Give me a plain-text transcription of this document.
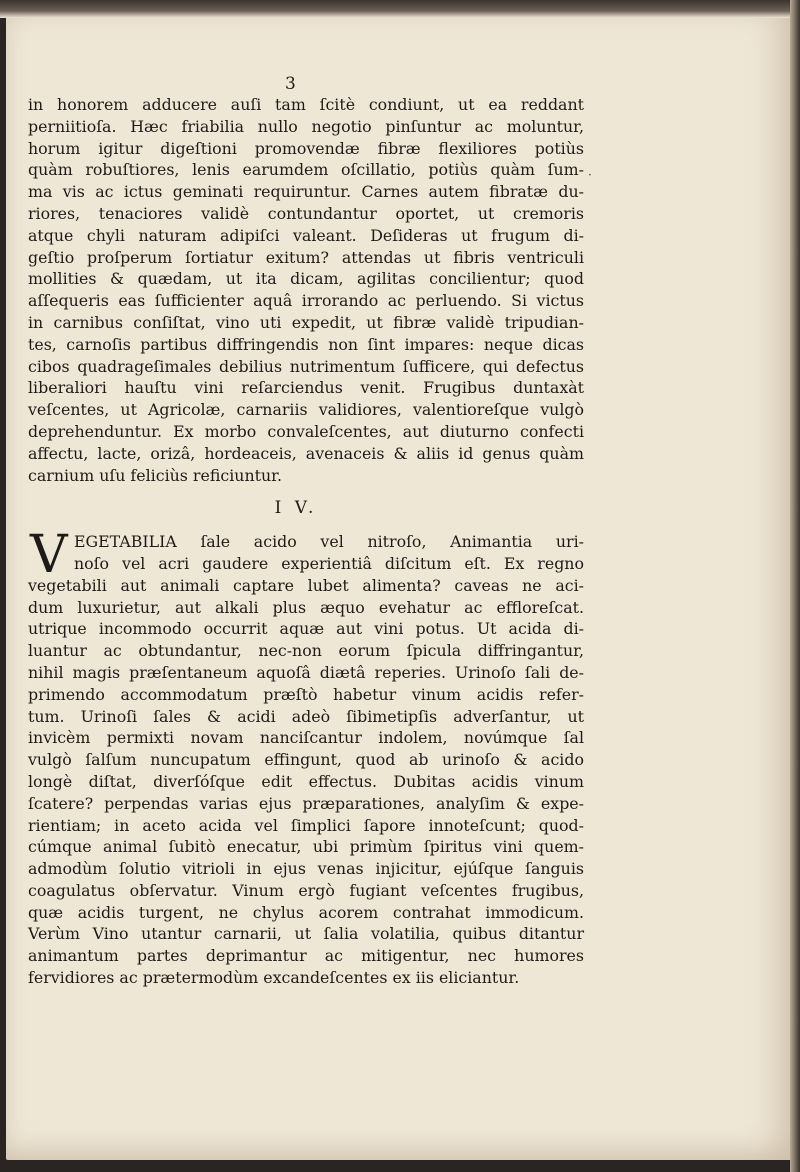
3
·
in honorem adducere auſi tam ſcitè condiunt, ut ea reddant
perniitioſa. Hæc friabilia nullo negotio pinſuntur ac moluntur,
horum igitur digeſtioni promovendæ fibræ flexiliores potiùs
quàm robuſtiores, lenis earumdem oſcillatio, potiùs quàm ſum-
ma vis ac ictus geminati requiruntur. Carnes autem fibratæ du-
riores, tenaciores validè contundantur oportet, ut cremoris
atque chyli naturam adipiſci valeant. Deſideras ut frugum di-
geſtio proſperum ſortiatur exitum? attendas ut fibris ventriculi
mollities & quædam, ut ita dicam, agilitas concilientur; quod
aſſequeris eas ſufficienter aquâ irrorando ac perluendo. Si victus
in carnibus conſiſtat, vino uti expedit, ut fibræ validè tripudian-
tes, carnoſis partibus diffringendis non ſint impares: neque dicas
cibos quadrageſimales debilius nutrimentum ſufficere, qui defectus
liberaliori hauſtu vini reſarciendus venit. Frugibus duntaxàt
veſcentes, ut Agricolæ, carnariis validiores, valentioreſque vulgò
deprehenduntur. Ex morbo convaleſcentes, aut diuturno confecti
affectu, lacte, orizâ, hordeaceis, avenaceis & aliis id genus quàm
carnium uſu feliciùs reficiuntur.
I V.
V EGETABILIA ſale acido vel nitroſo, Animantia uri-
noſo vel acri gaudere experientiâ diſcitum eſt. Ex regno
vegetabili aut animali captare lubet alimenta? caveas ne aci-
dum luxurietur, aut alkali plus æquo evehatur ac effloreſcat.
utrique incommodo occurrit aquæ aut vini potus. Ut acida di-
luantur ac obtundantur, nec-non eorum ſpicula diffringantur,
nihil magis præſentaneum aquoſâ diætâ reperies. Urinoſo ſali de-
primendo accommodatum præſtò habetur vinum acidis refer-
tum. Urinoſi ſales & acidi adeò ſibimetipſis adverſantur, ut
invicèm permixti novam nanciſcantur indolem, novúmque ſal
vulgò ſalſum nuncupatum effingunt, quod ab urinoſo & acido
longè diſtat, diverſóſque edit effectus. Dubitas acidis vinum
ſcatere? perpendas varias ejus præparationes, analyſim & expe-
rientiam; in aceto acida vel ſimplici ſapore innoteſcunt; quod-
cúmque animal ſubitò enecatur, ubi primùm ſpiritus vini quem-
admodùm ſolutio vitrioli in ejus venas injicitur, ejúſque ſanguis
coagulatus obſervatur. Vinum ergò fugiant veſcentes frugibus,
quæ acidis turgent, ne chylus acorem contrahat immodicum.
Verùm Vino utantur carnarii, ut ſalia volatilia, quibus ditantur
animantum partes deprimantur ac mitigentur, nec humores
fervidiores ac prætermodùm excandeſcentes ex iis eliciantur.
